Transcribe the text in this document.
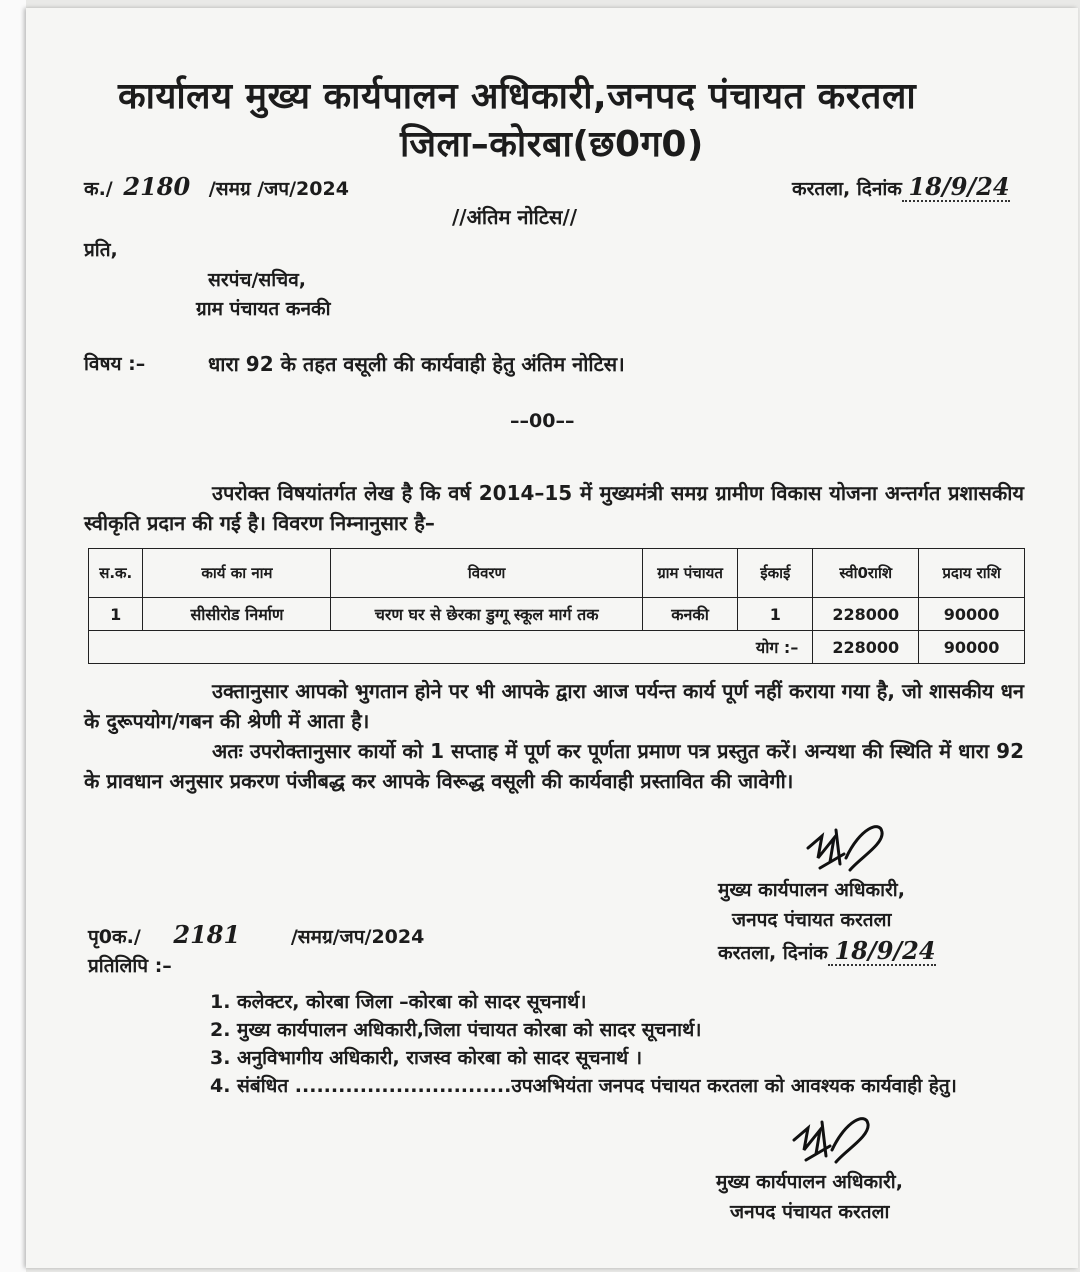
कार्यालय मुख्य कार्यपालन अधिकारी,जनपद पंचायत करतला
जिला–कोरबा(छ0ग0)
क./ 2180 /समग्र /जप/2024	करतला, दिनांक 18/9/24
//अंतिम नोटिस//
प्रति,
सरपंच/सचिव,
ग्राम पंचायत कनकी
विषय :–	धारा 92 के तहत वसूली की कार्यवाही हेतु अंतिम नोटिस।
––00––
उपरोक्त विषयांतर्गत लेख है कि वर्ष 2014–15 में मुख्यमंत्री समग्र ग्रामीण विकास योजना अन्तर्गत प्रशासकीय स्वीकृति प्रदान की गई है। विवरण निम्नानुसार है–
स.क.	कार्य का नाम	विवरण	ग्राम पंचायत	ईकाई	स्वी0राशि	प्रदाय राशि
1	सीसीरोड निर्माण	चरण घर से छेरका डुग्गू स्कूल मार्ग तक	कनकी	1	228000	90000
योग :–					228000	90000
उक्तानुसार आपको भुगतान होने पर भी आपके द्वारा आज पर्यन्त कार्य पूर्ण नहीं कराया गया है, जो शासकीय धन के दुरूपयोग/गबन की श्रेणी में आता है।
अतः उपरोक्तानुसार कार्यो को 1 सप्ताह में पूर्ण कर पूर्णता प्रमाण पत्र प्रस्तुत करें। अन्यथा की स्थिति में धारा 92 के प्रावधान अनुसार प्रकरण पंजीबद्ध कर आपके विरूद्ध वसूली की कार्यवाही प्रस्तावित की जावेगी।
मुख्य कार्यपालन अधिकारी,
जनपद पंचायत करतला
करतला, दिनांक 18/9/24
पृ0क./ 2181	/समग्र/जप/2024
प्रतिलिपि :–
1. कलेक्टर, कोरबा जिला –कोरबा को सादर सूचनार्थ।
2. मुख्य कार्यपालन अधिकारी,जिला पंचायत कोरबा को सादर सूचनार्थ।
3. अनुविभागीय अधिकारी, राजस्व कोरबा को सादर सूचनार्थ ।
4. संबंधित ..............................उपअभियंता जनपद पंचायत करतला को आवश्यक कार्यवाही हेतु।
मुख्य कार्यपालन अधिकारी,
जनपद पंचायत करतला
